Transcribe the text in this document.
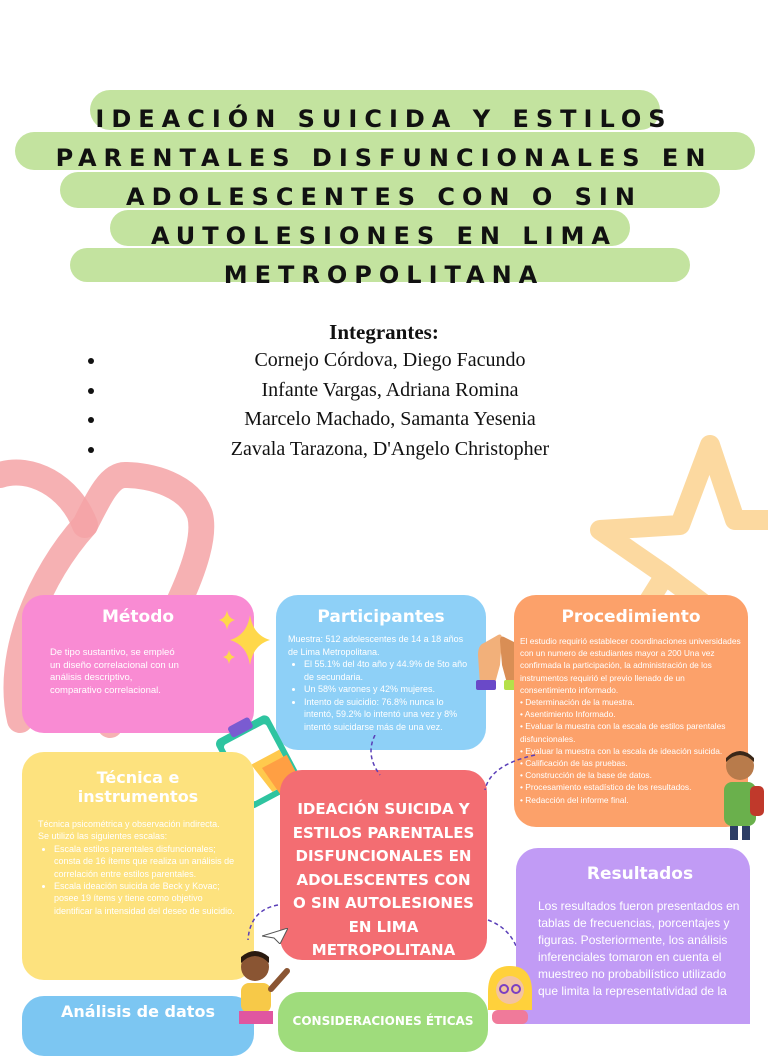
IDEACIÓN SUICIDA Y ESTILOS PARENTALES DISFUNCIONALES EN ADOLESCENTES CON O SIN AUTOLESIONES EN LIMA METROPOLITANA
Integrantes:
Cornejo Córdova, Diego Facundo
Infante Vargas, Adriana Romina
Marcelo Machado, Samanta Yesenia
Zavala Tarazona, D'Angelo Christopher
Método

De tipo sustantivo, se empleó un diseño correlacional con un análisis descriptivo, comparativo correlacional.

Participantes

Muestra: 512 adolescentes de 14 a 18 años de Lima Metropolitana.

• El 55.1% del 4to año y 44.9% de 5to año de secundaria.
• Un 58% varones y 42% mujeres.
• Intento de suicidio: 76.8% nunca lo intentó, 59.2% lo intentó una vez y 8% intentó suicidarse más de una vez.
Procedimiento

El estudio requirió establecer coordinaciones universidades con un numero de estudiantes mayor a 200 Una vez confirmada la participación, la administración de los instrumentos requirió el previo llenado de un consentimiento informado.

• Determinación de la muestra.

• Asentimiento Informado.

• Evaluar la muestra con la escala de estilos parentales disfuncionales.

• Evaluar la muestra con la escala de ideación suicida.

• Calificación de las pruebas.

• Construcción de la base de datos.

• Procesamiento estadístico de los resultados.

• Redacción del informe final.

Técnica e instrumentos

Técnica psicométrica y observación indirecta.

Se utilizó las siguientes escalas:

• Escala estilos parentales disfuncionales; consta de 16 ítems que realiza un análisis de correlación entre estilos parentales.
• Escala ideación suicida de Beck y Kovac; posee 19 ítems y tiene como objetivo identificar la intensidad del deseo de suicidio.
IDEACIÓN SUICIDA Y ESTILOS PARENTALES DISFUNCIONALES EN ADOLESCENTES CON O SIN AUTOLESIONES EN LIMA METROPOLITANA
Resultados

Los resultados fueron presentados en tablas de frecuencias, porcentajes y figuras. Posteriormente, los análisis inferenciales tomaron en cuenta el muestreo no probabilístico utilizado que limita la representatividad de la

Análisis de datos	CONSIDERACIONES ÉTICAS
